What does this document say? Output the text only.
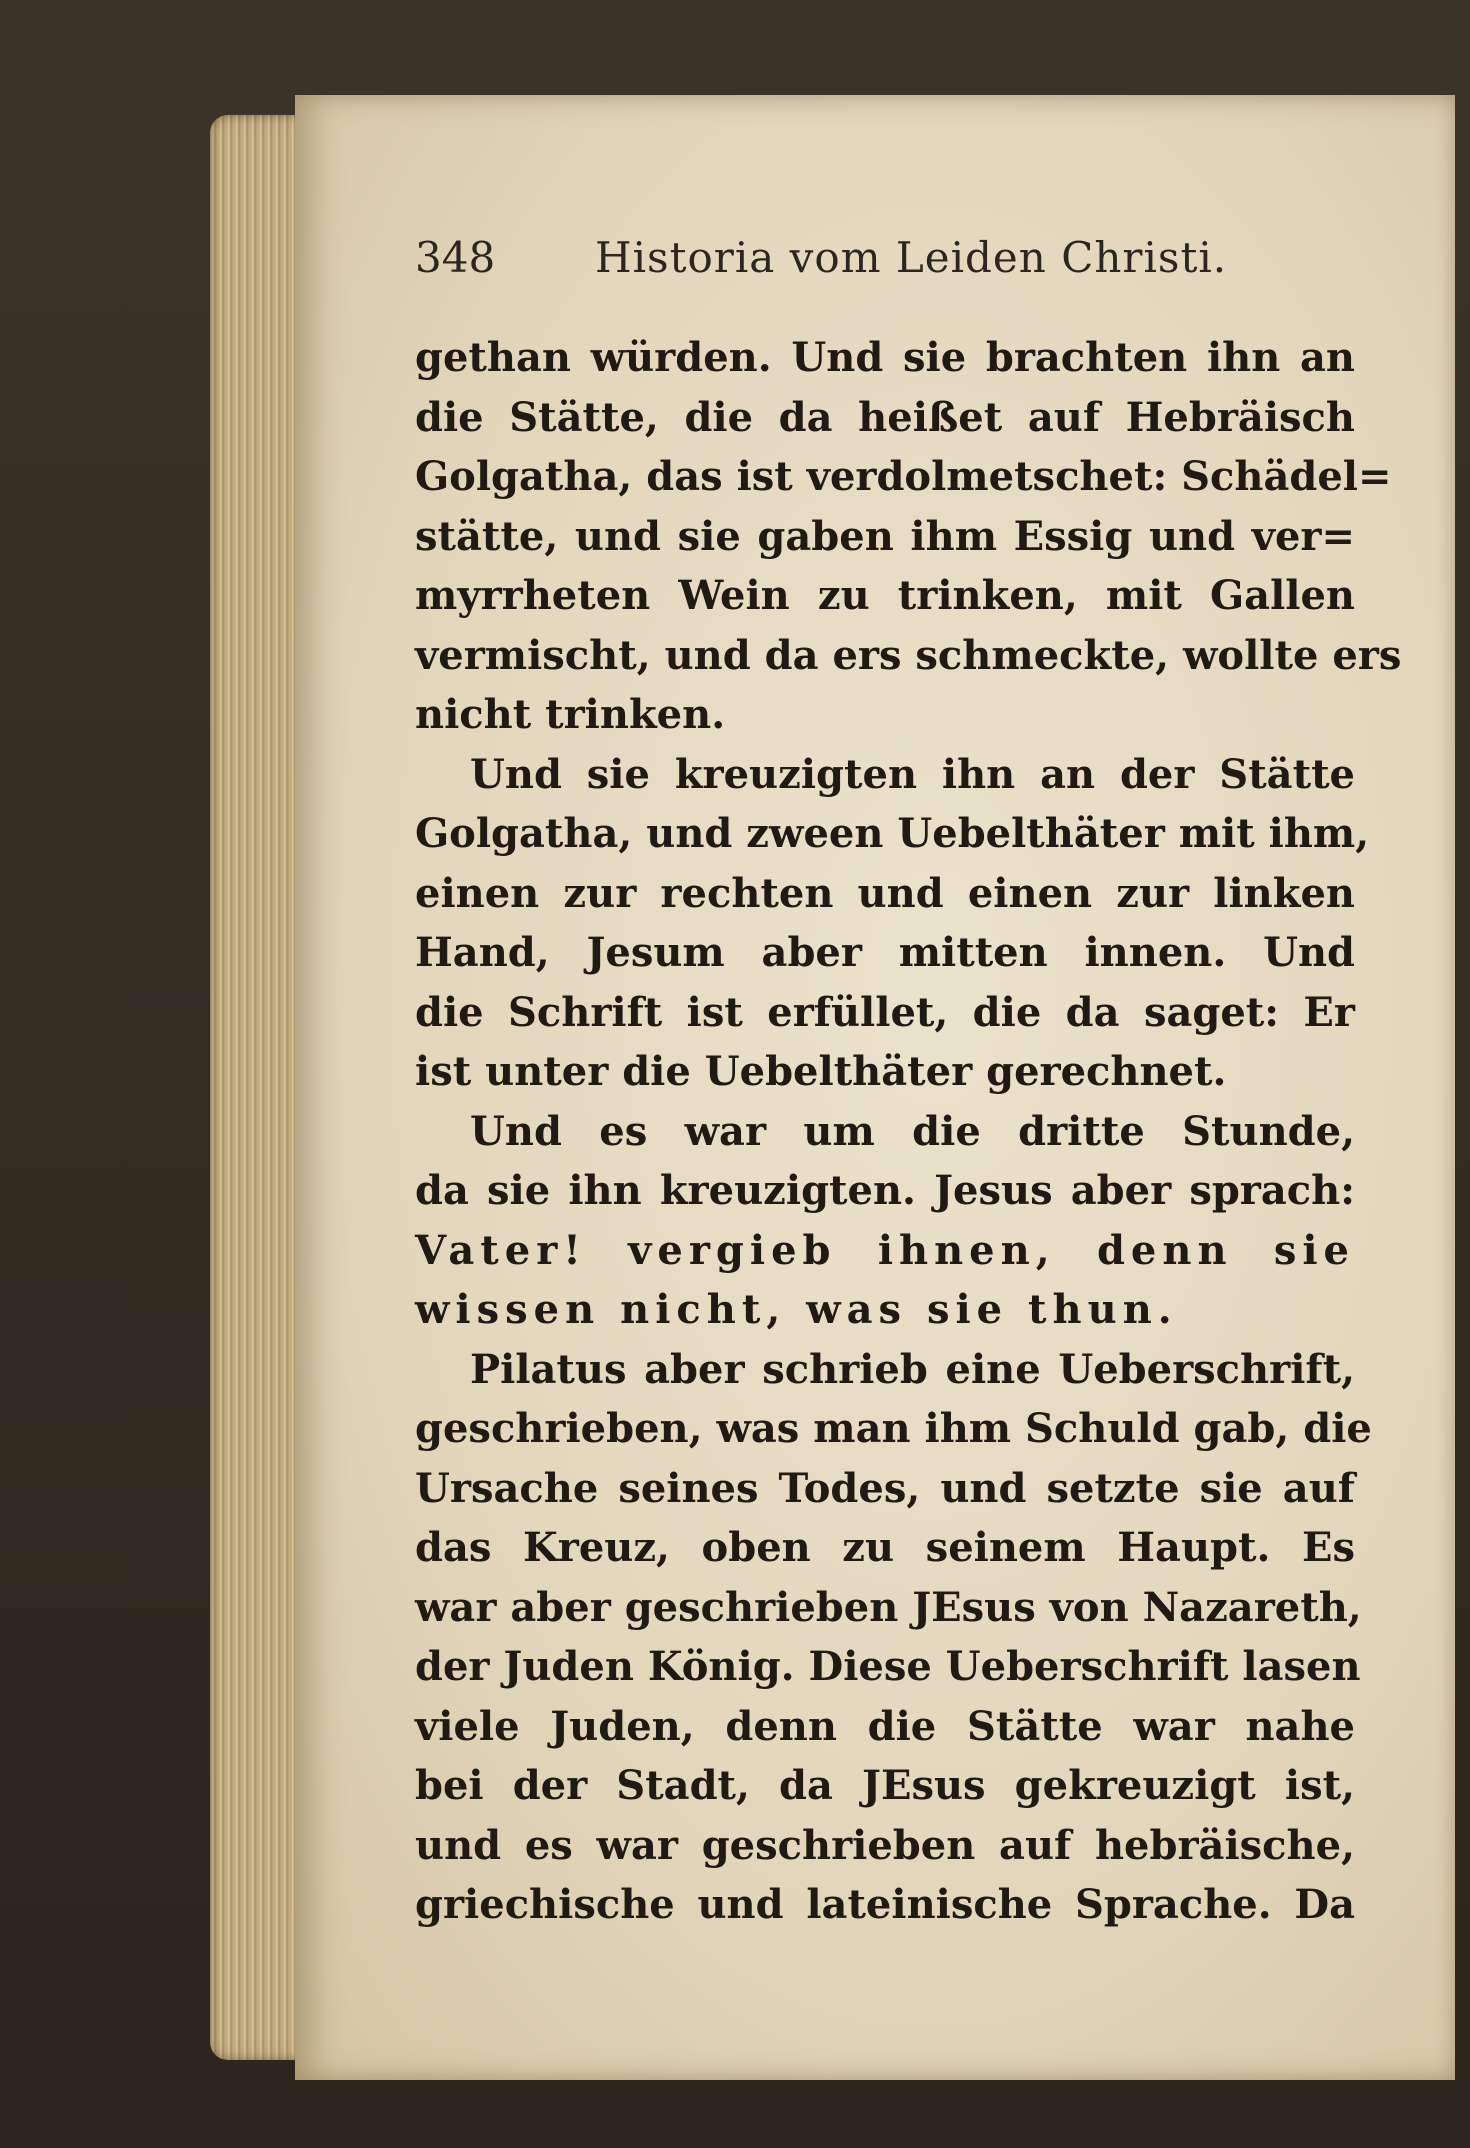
348 Historia vom Leiden Christi.
gethan würden. Und sie brachten ihn an
die Stätte, die da heißet auf Hebräisch
Golgatha, das ist verdolmetschet: Schädel=
stätte, und sie gaben ihm Essig und ver=
myrrheten Wein zu trinken, mit Gallen
vermischt, und da ers schmeckte, wollte ers
nicht trinken.
Und sie kreuzigten ihn an der Stätte
Golgatha, und zween Uebelthäter mit ihm,
einen zur rechten und einen zur linken
Hand, Jesum aber mitten innen. Und
die Schrift ist erfüllet, die da saget: Er
ist unter die Uebelthäter gerechnet.
Und es war um die dritte Stunde,
da sie ihn kreuzigten. Jesus aber sprach:
Vater! vergieb ihnen, denn sie
wissen nicht, was sie thun.
Pilatus aber schrieb eine Ueberschrift,
geschrieben, was man ihm Schuld gab, die
Ursache seines Todes, und setzte sie auf
das Kreuz, oben zu seinem Haupt. Es
war aber geschrieben JEsus von Nazareth,
der Juden König. Diese Ueberschrift lasen
viele Juden, denn die Stätte war nahe
bei der Stadt, da JEsus gekreuzigt ist,
und es war geschrieben auf hebräische,
griechische und lateinische Sprache. Da
